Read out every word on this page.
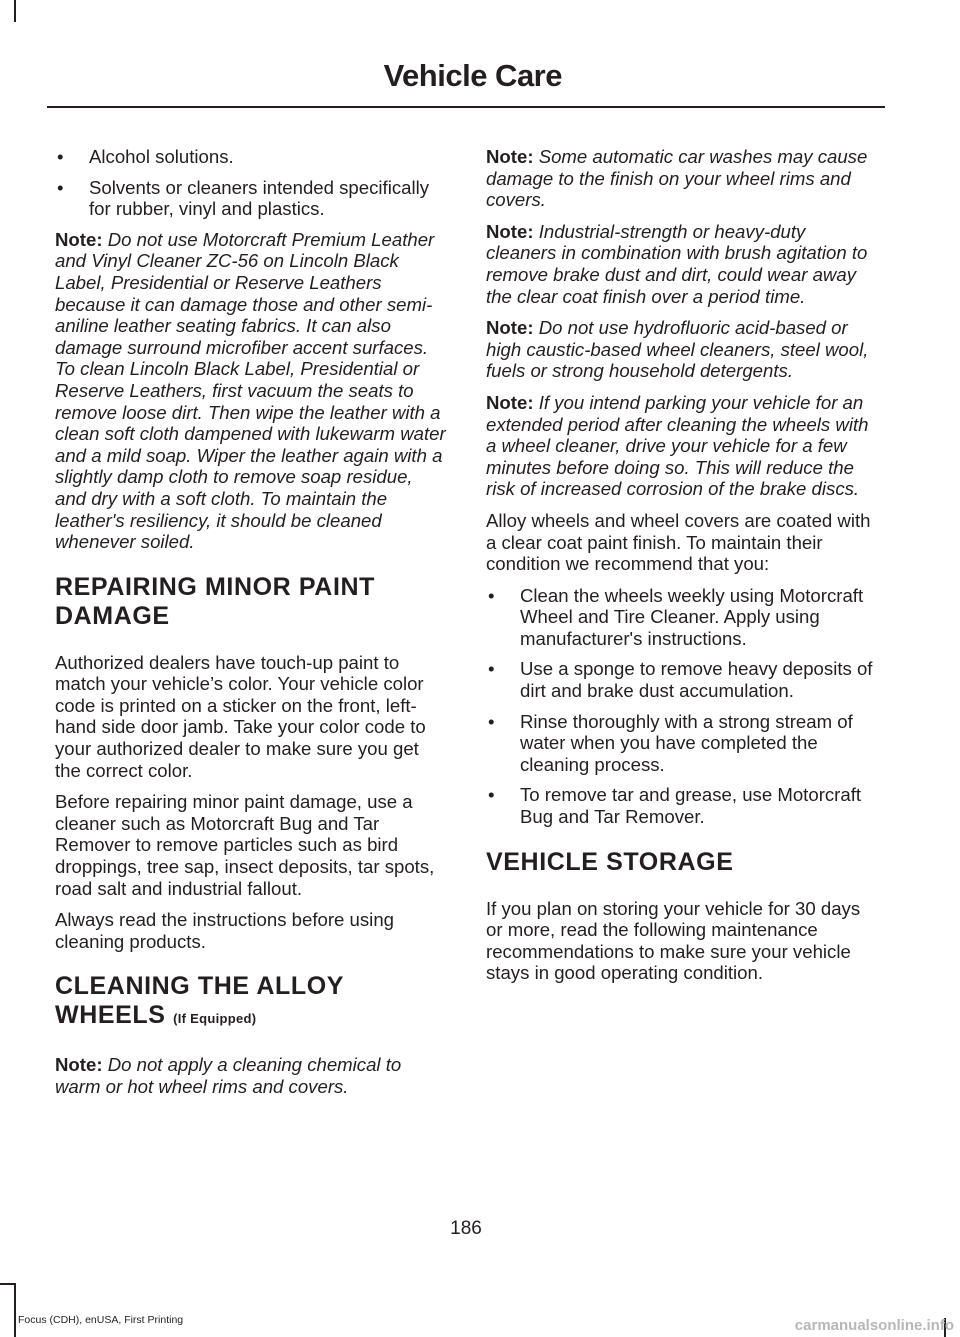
Vehicle Care
• Alcohol solutions.
• Solvents or cleaners intended specifically for rubber, vinyl and plastics.

Note: Do not use Motorcraft Premium Leather and Vinyl Cleaner ZC-56 on Lincoln Black Label, Presidential or Reserve Leathers because it can damage those and other semi-aniline leather seating fabrics. It can also damage surround microfiber accent surfaces. To clean Lincoln Black Label, Presidential or Reserve Leathers, first vacuum the seats to remove loose dirt. Then wipe the leather with a clean soft cloth dampened with lukewarm water and a mild soap. Wiper the leather again with a slightly damp cloth to remove soap residue, and dry with a soft cloth. To maintain the leather's resiliency, it should be cleaned whenever soiled.

REPAIRING MINOR PAINT
DAMAGE

Authorized dealers have touch-up paint to match your vehicle’s color. Your vehicle color code is printed on a sticker on the front, left-hand side door jamb. Take your color code to your authorized dealer to make sure you get the correct color.

Before repairing minor paint damage, use a cleaner such as Motorcraft Bug and Tar Remover to remove particles such as bird droppings, tree sap, insect deposits, tar spots, road salt and industrial fallout.

Always read the instructions before using cleaning products.

CLEANING THE ALLOY
WHEELS (If Equipped)

Note: Do not apply a cleaning chemical to warm or hot wheel rims and covers.

Note: Some automatic car washes may cause damage to the finish on your wheel rims and covers.

Note: Industrial-strength or heavy-duty cleaners in combination with brush agitation to remove brake dust and dirt, could wear away the clear coat finish over a period time.

Note: Do not use hydrofluoric acid-based or high caustic-based wheel cleaners, steel wool, fuels or strong household detergents.

Note: If you intend parking your vehicle for an extended period after cleaning the wheels with a wheel cleaner, drive your vehicle for a few minutes before doing so. This will reduce the risk of increased corrosion of the brake discs.

Alloy wheels and wheel covers are coated with a clear coat paint finish. To maintain their condition we recommend that you:

• Clean the wheels weekly using Motorcraft Wheel and Tire Cleaner. Apply using manufacturer's instructions.
• Use a sponge to remove heavy deposits of dirt and brake dust accumulation.
• Rinse thoroughly with a strong stream of water when you have completed the cleaning process.
• To remove tar and grease, use Motorcraft Bug and Tar Remover.
VEHICLE STORAGE

If you plan on storing your vehicle for 30 days or more, read the following maintenance recommendations to make sure your vehicle stays in good operating condition.

186
Focus (CDH), enUSA, First Printing	carmanualsonline.info
